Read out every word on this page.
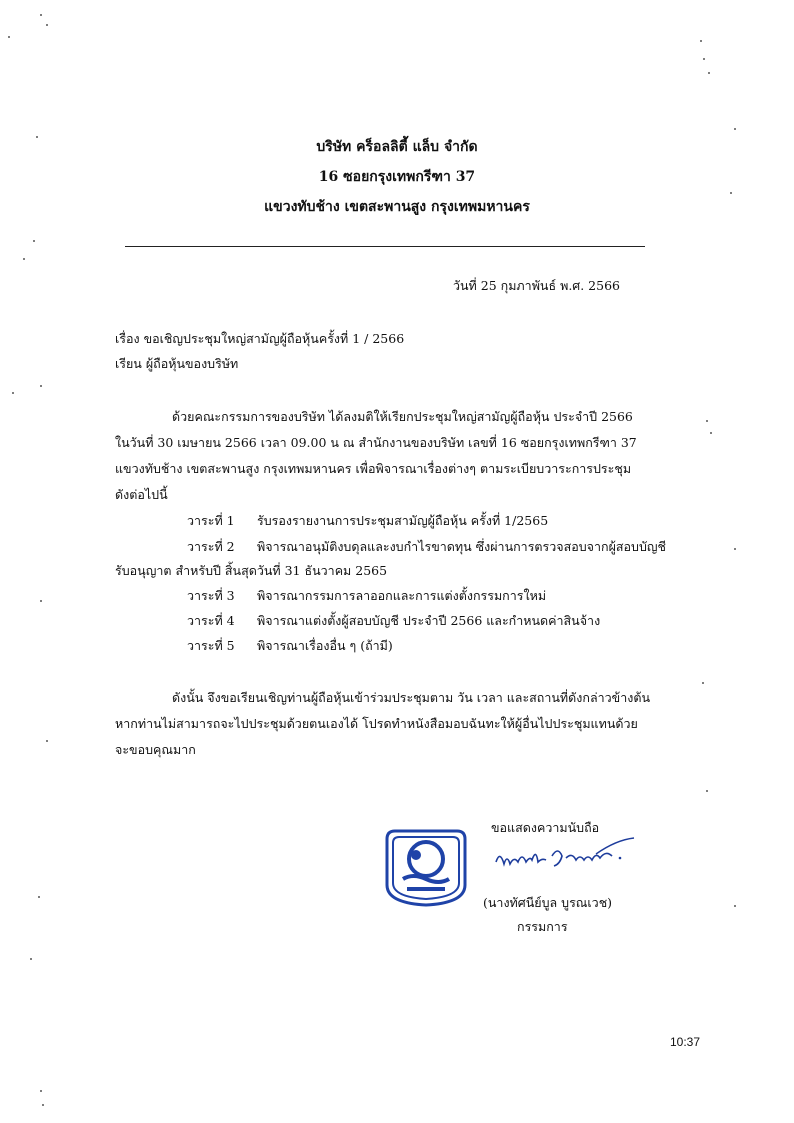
บริษัท คร็อลลิตี้ แล็บ จำกัด
16 ซอยกรุงเทพกรีฑา 37
แขวงทับช้าง เขตสะพานสูง กรุงเทพมหานคร
วันที่ 25 กุมภาพันธ์ พ.ศ. 2566
เรื่อง ขอเชิญประชุมใหญ่สามัญผู้ถือหุ้นครั้งที่ 1 / 2566
เรียน ผู้ถือหุ้นของบริษัท
ด้วยคณะกรรมการของบริษัท ได้ลงมติให้เรียกประชุมใหญ่สามัญผู้ถือหุ้น ประจำปี 2566
ในวันที่ 30 เมษายน 2566 เวลา 09.00 น ณ สำนักงานของบริษัท เลขที่ 16 ซอยกรุงเทพกรีฑา 37
แขวงทับช้าง เขตสะพานสูง กรุงเทพมหานคร เพื่อพิจารณาเรื่องต่างๆ ตามระเบียบวาระการประชุม
ดังต่อไปนี้
วาระที่ 1 รับรองรายงานการประชุมสามัญผู้ถือหุ้น ครั้งที่ 1/2565
วาระที่ 2 พิจารณาอนุมัติงบดุลและงบกำไรขาดทุน ซึ่งผ่านการตรวจสอบจากผู้สอบบัญชี
รับอนุญาต สำหรับปี สิ้นสุดวันที่ 31 ธันวาคม 2565
วาระที่ 3 พิจารณากรรมการลาออกและการแต่งตั้งกรรมการใหม่
วาระที่ 4 พิจารณาแต่งตั้งผู้สอบบัญชี ประจำปี 2566 และกำหนดค่าสินจ้าง
วาระที่ 5 พิจารณาเรื่องอื่น ๆ (ถ้ามี)
ดังนั้น จึงขอเรียนเชิญท่านผู้ถือหุ้นเข้าร่วมประชุมตาม วัน เวลา และสถานที่ดังกล่าวข้างต้น
หากท่านไม่สามารถจะไปประชุมด้วยตนเองได้ โปรดทำหนังสือมอบฉันทะให้ผู้อื่นไปประชุมแทนด้วย
จะขอบคุณมาก
ขอแสดงความนับถือ
(นางทัศนีย์บูล บูรณเวช)
กรรมการ
10:37
